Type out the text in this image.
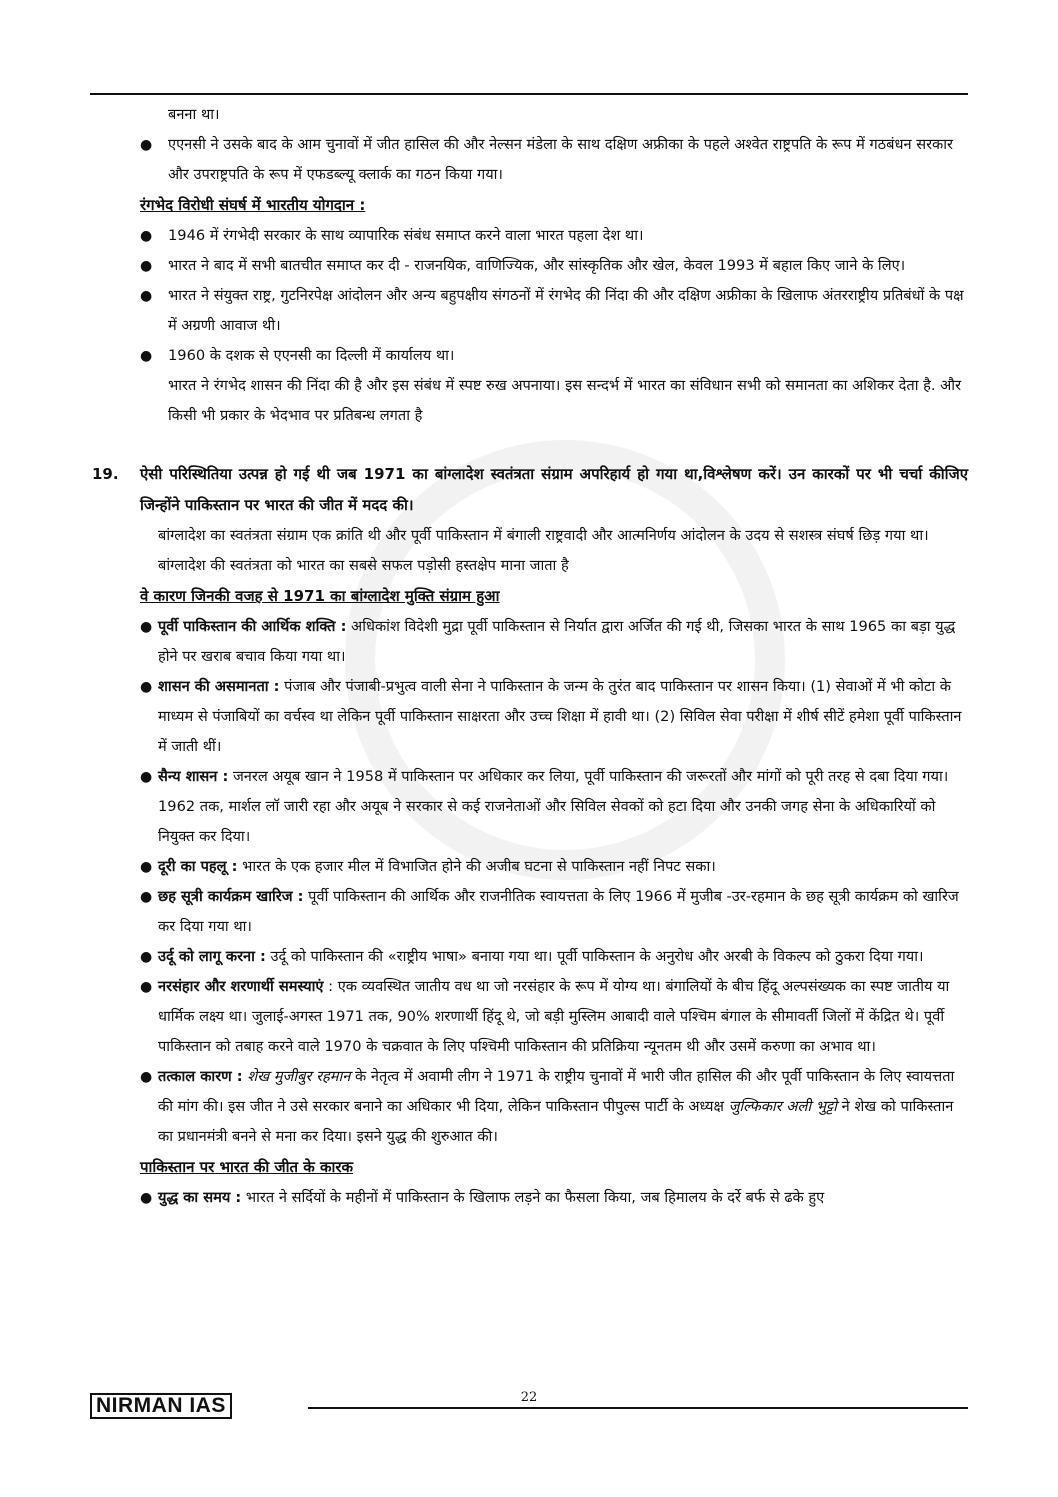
बनना था।
● एएनसी ने उसके बाद के आम चुनावों में जीत हासिल की और नेल्सन मंडेला के साथ दक्षिण अफ्रीका के पहले अश्वेत राष्ट्रपति के रूप में गठबंधन सरकार और उपराष्ट्रपति के रूप में एफडब्ल्यू क्लार्क का गठन किया गया।
रंगभेद विरोधी संघर्ष में भारतीय योगदान :
● 1946 में रंगभेदी सरकार के साथ व्यापारिक संबंध समाप्त करने वाला भारत पहला देश था।
● भारत ने बाद में सभी बातचीत समाप्त कर दी - राजनयिक, वाणिज्यिक, और सांस्कृतिक और खेल, केवल 1993 में बहाल किए जाने के लिए।
● भारत ने संयुक्त राष्ट्र, गुटनिरपेक्ष आंदोलन और अन्य बहुपक्षीय संगठनों में रंगभेद की निंदा की और दक्षिण अफ्रीका के खिलाफ अंतरराष्ट्रीय प्रतिबंधों के पक्ष में अग्रणी आवाज थी।
● 1960 के दशक से एएनसी का दिल्ली में कार्यालय था।
भारत ने रंगभेद शासन की निंदा की है और इस संबंध में स्पष्ट रुख अपनाया। इस सन्दर्भ में भारत का संविधान सभी को समानता का अशिकर देता है. और किसी भी प्रकार के भेदभाव पर प्रतिबन्ध लगता है
19. ऐसी परिस्थितिया उत्पन्न हो गई थी जब 1971 का बांग्लादेश स्वतंत्रता संग्राम अपरिहार्य हो गया था,विश्लेषण करें। उन कारकों पर भी चर्चा कीजिए जिन्होंने पाकिस्तान पर भारत की जीत में मदद की।
बांग्लादेश का स्वतंत्रता संग्राम एक क्रांति थी और पूर्वी पाकिस्तान में बंगाली राष्ट्रवादी और आत्मनिर्णय आंदोलन के उदय से सशस्त्र संघर्ष छिड़ गया था। बांग्लादेश की स्वतंत्रता को भारत का सबसे सफल पड़ोसी हस्तक्षेप माना जाता है
वे कारण जिनकी वजह से 1971 का बांग्लादेश मुक्ति संग्राम हुआ
● पूर्वी पाकिस्तान की आर्थिक शक्ति : अधिकांश विदेशी मुद्रा पूर्वी पाकिस्तान से निर्यात द्वारा अर्जित की गई थी, जिसका भारत के साथ 1965 का बड़ा युद्ध होने पर खराब बचाव किया गया था।
● शासन की असमानता : पंजाब और पंजाबी-प्रभुत्व वाली सेना ने पाकिस्तान के जन्म के तुरंत बाद पाकिस्तान पर शासन किया। (1) सेवाओं में भी कोटा के माध्यम से पंजाबियों का वर्चस्व था लेकिन पूर्वी पाकिस्तान साक्षरता और उच्च शिक्षा में हावी था। (2) सिविल सेवा परीक्षा में शीर्ष सीटें हमेशा पूर्वी पाकिस्तान में जाती थीं।
● सैन्य शासन : जनरल अयूब खान ने 1958 में पाकिस्तान पर अधिकार कर लिया, पूर्वी पाकिस्तान की जरूरतों और मांगों को पूरी तरह से दबा दिया गया। 1962 तक, मार्शल लॉ जारी रहा और अयूब ने सरकार से कई राजनेताओं और सिविल सेवकों को हटा दिया और उनकी जगह सेना के अधिकारियों को नियुक्त कर दिया।
● दूरी का पहलू : भारत के एक हजार मील में विभाजित होने की अजीब घटना से पाकिस्तान नहीं निपट सका।
● छह सूत्री कार्यक्रम खारिज : पूर्वी पाकिस्तान की आर्थिक और राजनीतिक स्वायत्तता के लिए 1966 में मुजीब -उर-रहमान के छह सूत्री कार्यक्रम को खारिज कर दिया गया था।
● उर्दू को लागू करना : उर्दू को पाकिस्तान की «राष्ट्रीय भाषा» बनाया गया था। पूर्वी पाकिस्तान के अनुरोध और अरबी के विकल्प को ठुकरा दिया गया।
● नरसंहार और शरणार्थी समस्याएं : एक व्यवस्थित जातीय वध था जो नरसंहार के रूप में योग्य था। बंगालियों के बीच हिंदू अल्पसंख्यक का स्पष्ट जातीय या धार्मिक लक्ष्य था। जुलाई-अगस्त 1971 तक, 90% शरणार्थी हिंदू थे, जो बड़ी मुस्लिम आबादी वाले पश्चिम बंगाल के सीमावर्ती जिलों में केंद्रित थे। पूर्वी पाकिस्तान को तबाह करने वाले 1970 के चक्रवात के लिए पश्चिमी पाकिस्तान की प्रतिक्रिया न्यूनतम थी और उसमें करुणा का अभाव था।
● तत्काल कारण : शेख मुजीबुर रहमान के नेतृत्व में अवामी लीग ने 1971 के राष्ट्रीय चुनावों में भारी जीत हासिल की और पूर्वी पाकिस्तान के लिए स्वायत्तता की मांग की। इस जीत ने उसे सरकार बनाने का अधिकार भी दिया, लेकिन पाकिस्तान पीपुल्स पार्टी के अध्यक्ष जुल्फिकार अली भुट्टो ने शेख को पाकिस्तान का प्रधानमंत्री बनने से मना कर दिया। इसने युद्ध की शुरुआत की।
पाकिस्तान पर भारत की जीत के कारक
● युद्ध का समय : भारत ने सर्दियों के महीनों में पाकिस्तान के खिलाफ लड़ने का फैसला किया, जब हिमालय के दर्रे बर्फ से ढके हुए
NIRMAN IAS	22
